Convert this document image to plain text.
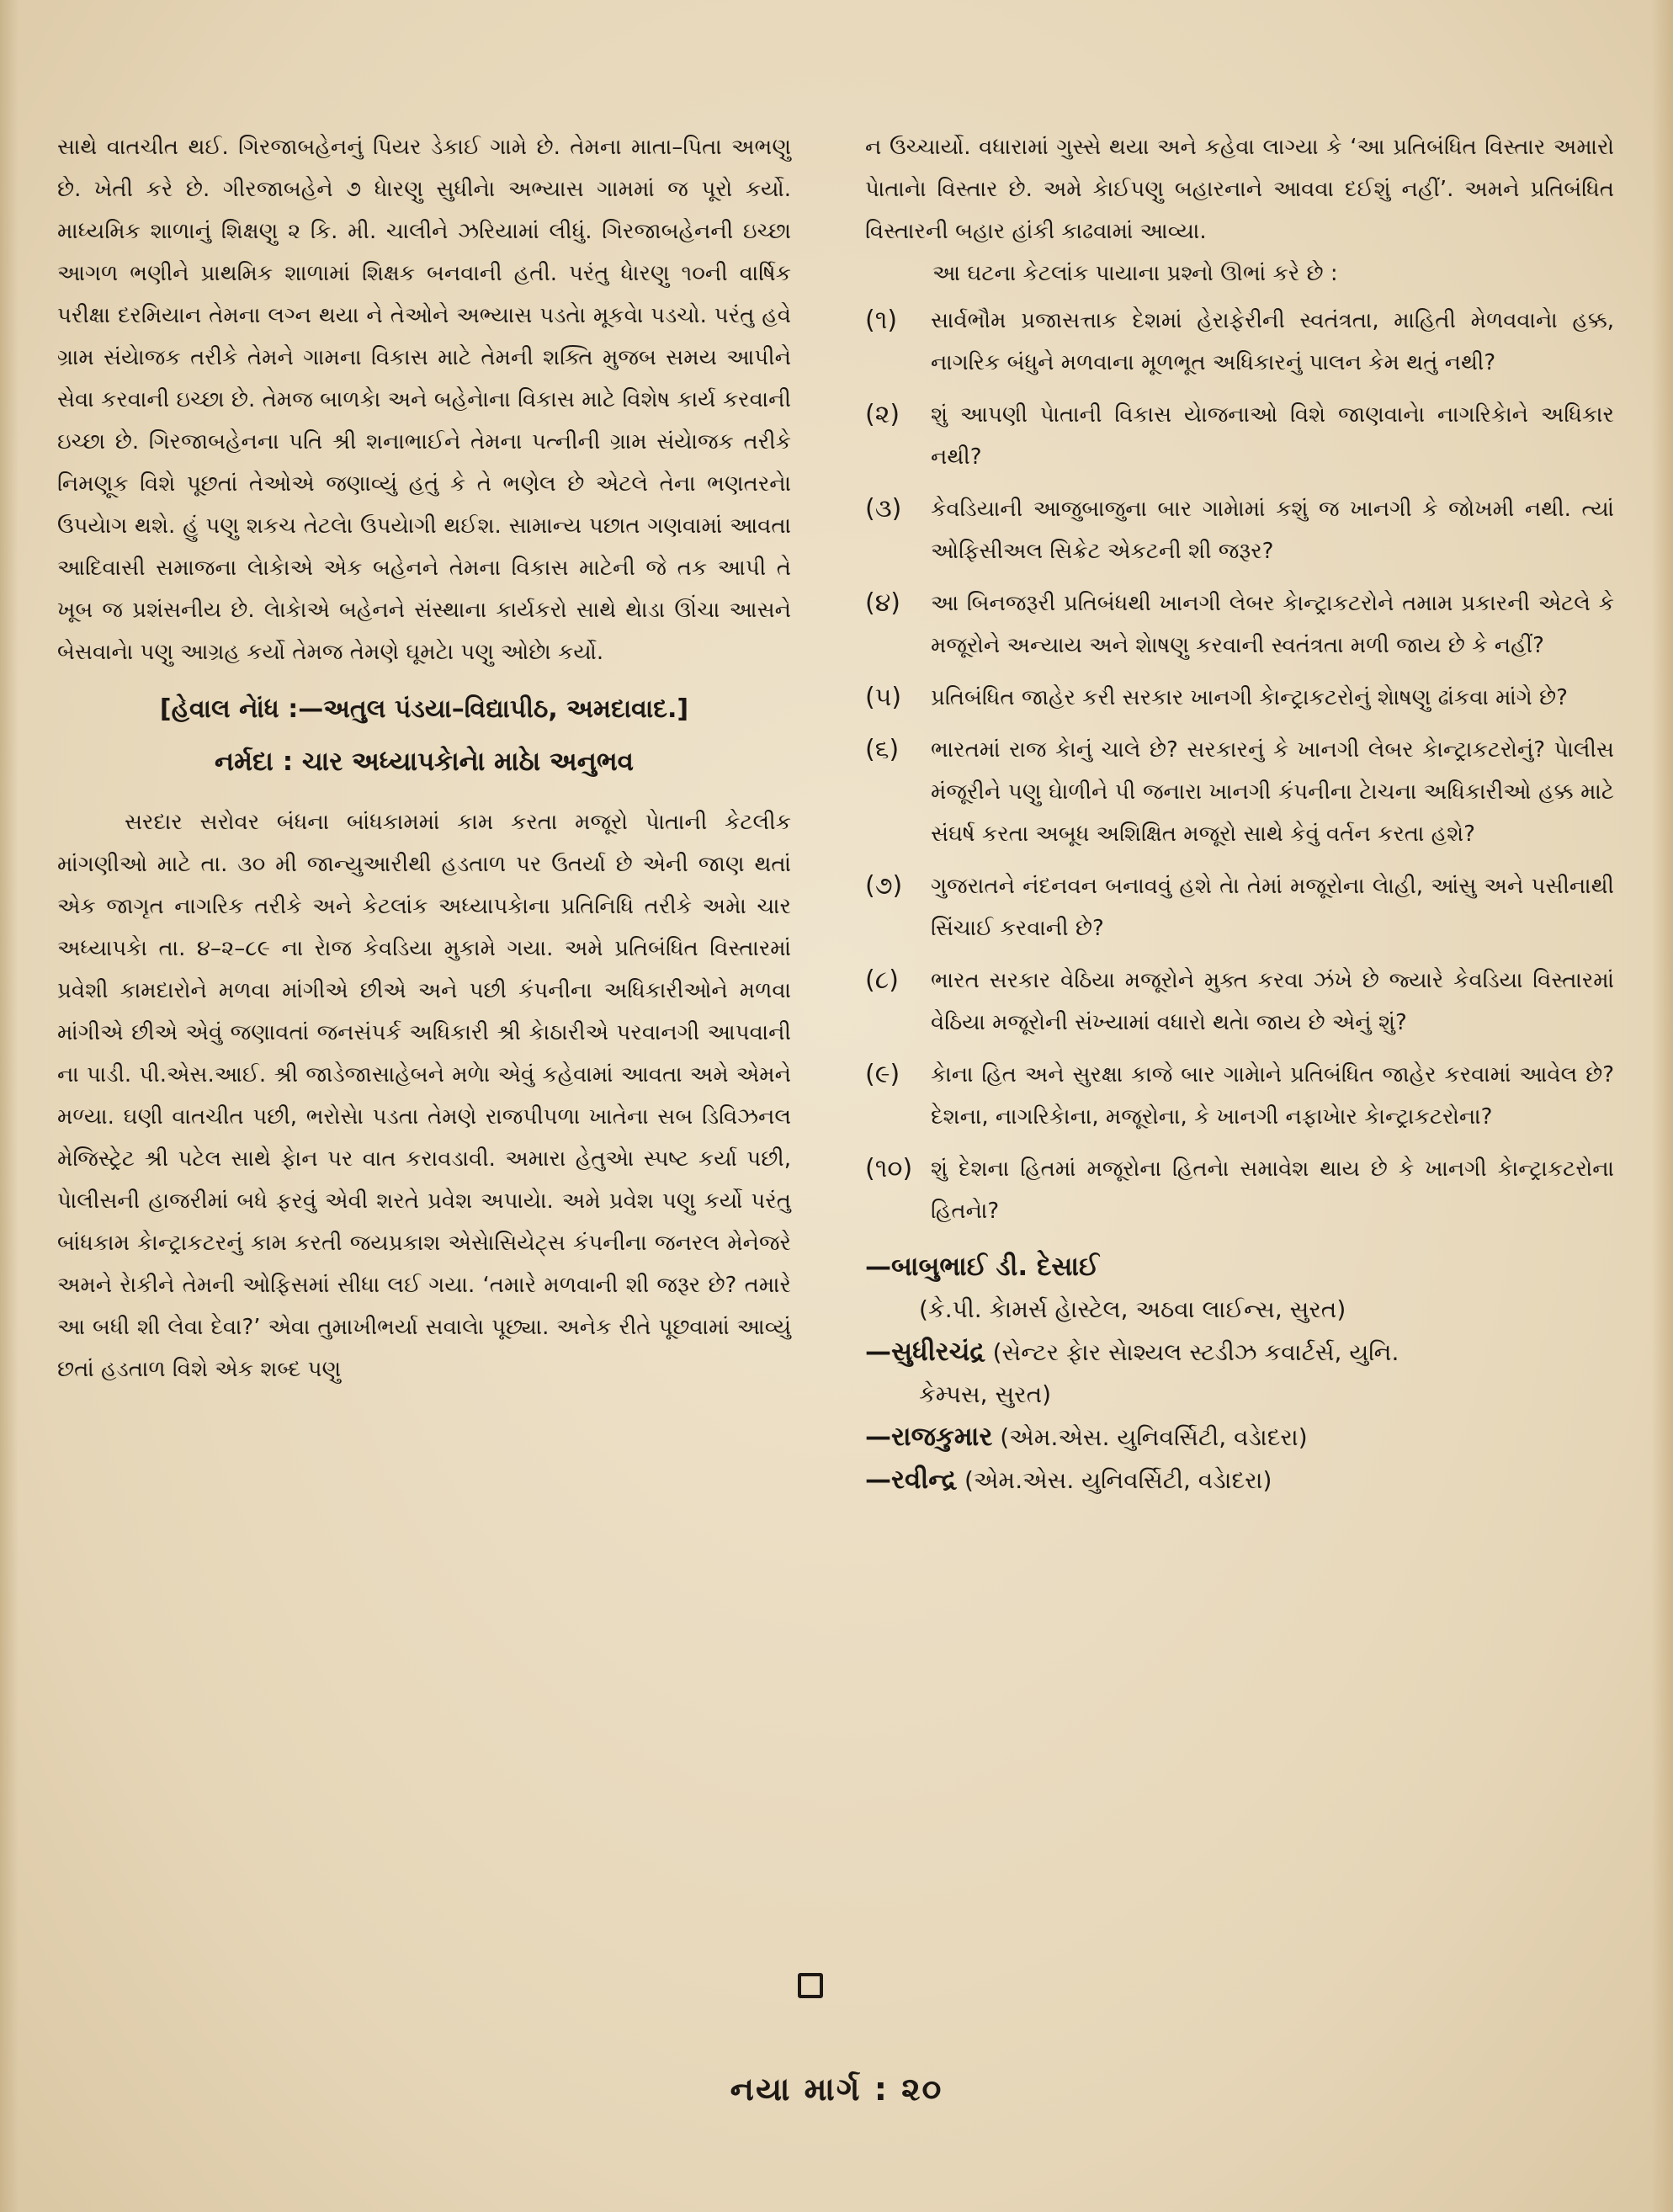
સાથે વાતચીત થઈ. ગિરજાબહેનનું પિયર ડેકાઈ ગામે છે. તેમના માતા–પિતા અભણુ છે. ખેતી કરે છે. ગીરજાબહેને ૭ ધેારણુ સુધીનેા અભ્યાસ ગામમાં જ પૂરો કર્યો. માધ્યમિક શાળાનું શિક્ષણુ ૨ કિ. મી. ચાલીને ઝરિયામાં લીધું. ગિરજાબહેનની ઇચ્છા આગળ ભણીને પ્રાથમિક શાળામાં શિક્ષક બનવાની હતી. પરંતુ ધેારણુ ૧૦ની વાર્ષિક પરીક્ષા દરમિયાન તેમના લગ્ન થયા ને તેઓને અભ્યાસ પડતેા મૂકવેા પડચો. પરંતુ હવે ગ્રામ સંયેાજક તરીકે તેમને ગામના વિકાસ માટે તેમની શક્તિ મુજબ સમય આપીને સેવા કરવાની ઇચ્છા છે. તેમજ બાળકેા અને બહેનેાના વિકાસ માટે વિશેષ કાર્ય કરવાની ઇચ્છા છે. ગિરજાબહેનના પતિ શ્રી શનાભાઈને તેમના પત્નીની ગ્રામ સંયેાજક તરીકે નિમણૂક વિશે પૂછતાં તેઓએ જણાવ્યું હતું કે તે ભણેલ છે એટલે તેના ભણતરનેા ઉપયેાગ થશે. હું પણુ શકચ તેટલેા ઉપયેાગી થઈશ. સામાન્ય પછાત ગણવામાં આવતા આદિવાસી સમાજના લેાકેાએ એક બહેનને તેમના વિકાસ માટેની જે તક આપી તે ખૂબ જ પ્રશંસનીય છે. લેાકેાએ બહેનને સંસ્થાના કાર્યકરો સાથે થેાડા ઊંચા આસને બેસવાનેા પણુ આગ્રહ કર્યો તેમજ તેમણે ઘૂમટેા પણુ ઓછેા કર્યો.

[હેવાલ નેાંધ :—અતુલ પંડયા–વિદ્યાપીઠ, અમદાવાદ.]

નર્મદા : ચાર અધ્યાપકેાનેા માઠેા અનુભવ

સરદાર સરોવર બંધના બાંધકામમાં કામ કરતા મજૂરો પેાતાની કેટલીક માંગણીઓ માટે તા. ૩૦ મી જાન્યુઆરીથી હડતાળ પર ઉતર્યા છે એની જાણ થતાં એક જાગૃત નાગરિક તરીકે અને કેટલાંક અધ્યાપકેાના પ્રતિનિધિ તરીકે અમેા ચાર અધ્યાપકેા તા. ૪–૨–૮૯ ના રેાજ કેવડિયા મુકામે ગયા. અમે પ્રતિબંધિત વિસ્તારમાં પ્રવેશી કામદારોને મળવા માંગીએ છીએ અને પછી કંપનીના અધિકારીઓને મળવા માંગીએ છીએ એવું જણાવતાં જનસંપર્ક અધિકારી શ્રી કેાઠારીએ પરવાનગી આપવાની ના પાડી. પી.એસ.આઈ. શ્રી જાડેજાસાહેબને મળેા એવું કહેવામાં આવતા અમે એમને મળ્યા. ઘણી વાતચીત પછી, ભરોસેા પડતા તેમણે રાજપીપળા ખાતેના સબ ડિવિઝનલ મેજિસ્ટ્રેટ શ્રી પટેલ સાથે ફેાન પર વાત કરાવડાવી. અમારા હેતુએા સ્પષ્ટ કર્યા પછી, પેાલીસની હાજરીમાં બધે ફરવું એવી શરતે પ્રવેશ અપાયેા. અમે પ્રવેશ પણુ કર્યો પરંતુ બાંધકામ કેાન્ટ્રાકટરનું કામ કરતી જયપ્રકાશ એસેાસિયેટ્સ કંપનીના જનરલ મેનેજરે અમને રેાકીને તેમની ઓફિસમાં સીધા લઈ ગયા. ‘તમારે મળવાની શી જરૂર છે? તમારે આ બધી શી લેવા દેવા?’ એવા તુમાખીભર્યા સવાલેા પૂછ્યા. અનેક રીતે પૂછવામાં આવ્યું છતાં હડતાળ વિશે એક શબ્દ પણુ

ન ઉચ્ચાર્યો. વધારામાં ગુસ્સે થયા અને કહેવા લાગ્યા કે ‘આ પ્રતિબંધિત વિસ્તાર અમારો પેાતાનેા વિસ્તાર છે. અમે કેાઈપણુ બહારનાને આવવા દઈશું નહીં’. અમને પ્રતિબંધિત વિસ્તારની બહાર હાંકી કાઢવામાં આવ્યા.

આ ઘટના કેટલાંક પાયાના પ્રશ્નો ઊભાં કરે છે :

(૧)	સાર્વભૌમ પ્રજાસત્તાક દેશમાં હેરાફેરીની સ્વતંત્રતા, માહિતી મેળવવાનેા હક્ક, નાગરિક બંધુને મળવાના મૂળભૂત અધિકારનું પાલન કેમ થતું નથી?
(૨)	શું આપણી પેાતાની વિકાસ યેાજનાઓ વિશે જાણવાનેા નાગરિકેાને અધિકાર નથી?
(૩)	કેવડિયાની આજુબાજુના બાર ગામેામાં કશું જ ખાનગી કે જોખમી નથી. ત્યાં ઓફિસીઅલ સિક્રેટ એકટની શી જરૂર?
(૪)	આ બિનજરૂરી પ્રતિબંધથી ખાનગી લેબર કેાન્ટ્રાકટરોને તમામ પ્રકારની એટલે કે મજૂરોને અન્યાય અને શેાષણુ કરવાની સ્વતંત્રતા મળી જાય છે કે નહીં?
(૫)	પ્રતિબંધિત જાહેર કરી સરકાર ખાનગી કેાન્ટ્રાકટરોનું શેાષણુ ઢાંકવા માંગે છે?
(૬)	ભારતમાં રાજ કેાનું ચાલે છે? સરકારનું કે ખાનગી લેબર કેાન્ટ્રાકટરોનું? પેાલીસ મંજૂરીને પણુ ઘેાળીને પી જનારા ખાનગી કંપનીના ટેાચના અધિકારીઓ હક્ક માટે સંઘર્ષ કરતા અબૂધ અશિક્ષિત મજૂરો સાથે કેવું વર્તન કરતા હશે?
(૭)	ગુજરાતને નંદનવન બનાવવું હશે તેા તેમાં મજૂરોના લેાહી, આંસુ અને પસીનાથી સિંચાઈ કરવાની છે?
(૮)	ભારત સરકાર વેઠિયા મજૂરોને મુક્ત કરવા ઝંખે છે જ્યારે કેવડિયા વિસ્તારમાં વેઠિયા મજૂરોની સંખ્યામાં વધારો થતેા જાય છે એનું શું?
(૯)	કેાના હિત અને સુરક્ષા કાજે બાર ગામેાને પ્રતિબંધિત જાહેર કરવામાં આવેલ છે? દેશના, નાગરિકેાના, મજૂરોના, કે ખાનગી નફાખેાર કેાન્ટ્રાકટરોના?
(૧૦) શું દેશના હિતમાં મજૂરોના હિતનેા સમાવેશ થાય છે કે ખાનગી કેાન્ટ્રાકટરોના હિતનેા?
—બાબુભાઈ ડી. દેસાઈ
(કે.પી. કેામર્સ હેાસ્ટેલ, અઠવા લાઈન્સ, સુરત)
—સુધીરચંદ્ર (સેન્ટર ફેાર સેાશ્યલ સ્ટડીઝ કવાર્ટર્સ, યુનિ.
કેમ્પસ, સુરત)
—રાજકુમાર (એમ.એસ. યુનિવર્સિટી, વડેાદરા)
—રવીન્દ્ર (એમ.એસ. યુનિવર્સિટી, વડેાદરા)
નયા માર્ગ : ૨૦
